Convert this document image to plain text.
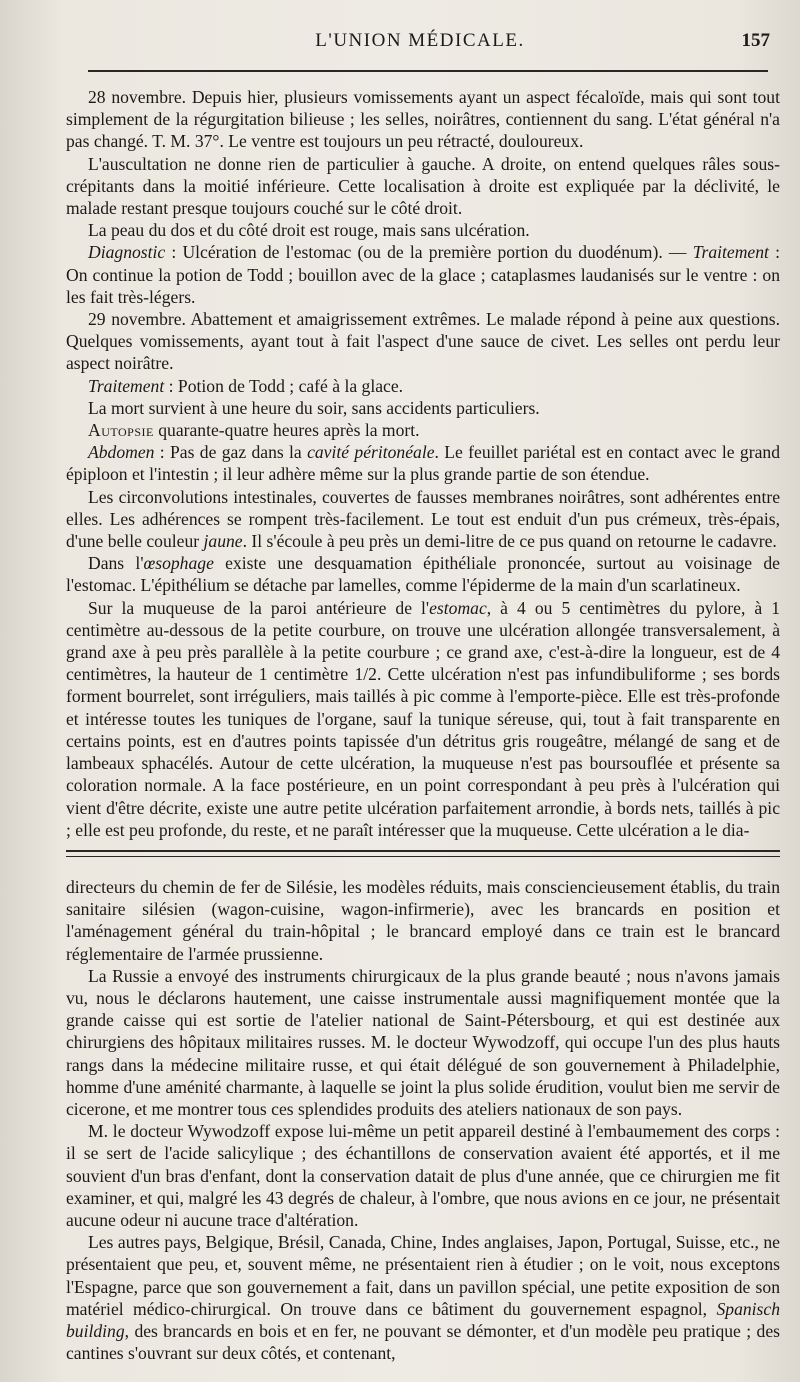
L'UNION MÉDICALE.	157

28 novembre. Depuis hier, plusieurs vomissements ayant un aspect fécaloïde, mais qui sont tout simplement de la régurgitation bilieuse ; les selles, noirâtres, contiennent du sang. L'état général n'a pas changé. T. M. 37°. Le ventre est toujours un peu rétracté, douloureux.

L'auscultation ne donne rien de particulier à gauche. A droite, on entend quelques râles sous-crépitants dans la moitié inférieure. Cette localisation à droite est expliquée par la déclivité, le malade restant presque toujours couché sur le côté droit.

La peau du dos et du côté droit est rouge, mais sans ulcération.

Diagnostic : Ulcération de l'estomac (ou de la première portion du duodénum). — Traitement : On continue la potion de Todd ; bouillon avec de la glace ; cataplasmes laudanisés sur le ventre : on les fait très-légers.

29 novembre. Abattement et amaigrissement extrêmes. Le malade répond à peine aux questions. Quelques vomissements, ayant tout à fait l'aspect d'une sauce de civet. Les selles ont perdu leur aspect noirâtre.

Traitement : Potion de Todd ; café à la glace.

La mort survient à une heure du soir, sans accidents particuliers.

Autopsie quarante-quatre heures après la mort.

Abdomen : Pas de gaz dans la cavité péritonéale. Le feuillet pariétal est en contact avec le grand épiploon et l'intestin ; il leur adhère même sur la plus grande partie de son étendue.

Les circonvolutions intestinales, couvertes de fausses membranes noirâtres, sont adhérentes entre elles. Les adhérences se rompent très-facilement. Le tout est enduit d'un pus crémeux, très-épais, d'une belle couleur jaune. Il s'écoule à peu près un demi-litre de ce pus quand on retourne le cadavre.

Dans l'œsophage existe une desquamation épithéliale prononcée, surtout au voisinage de l'estomac. L'épithélium se détache par lamelles, comme l'épiderme de la main d'un scarlatineux.

Sur la muqueuse de la paroi antérieure de l'estomac, à 4 ou 5 centimètres du pylore, à 1 centimètre au-dessous de la petite courbure, on trouve une ulcération allongée transversalement, à grand axe à peu près parallèle à la petite courbure ; ce grand axe, c'est-à-dire la longueur, est de 4 centimètres, la hauteur de 1 centimètre 1/2. Cette ulcération n'est pas infundibuliforme ; ses bords forment bourrelet, sont irréguliers, mais taillés à pic comme à l'emporte-pièce. Elle est très-profonde et intéresse toutes les tuniques de l'organe, sauf la tunique séreuse, qui, tout à fait transparente en certains points, est en d'autres points tapissée d'un détritus gris rougeâtre, mélangé de sang et de lambeaux sphacélés. Autour de cette ulcération, la muqueuse n'est pas boursouflée et présente sa coloration normale. A la face postérieure, en un point correspondant à peu près à l'ulcération qui vient d'être décrite, existe une autre petite ulcération parfaitement arrondie, à bords nets, taillés à pic ; elle est peu profonde, du reste, et ne paraît intéresser que la muqueuse. Cette ulcération a le dia-

directeurs du chemin de fer de Silésie, les modèles réduits, mais consciencieusement établis, du train sanitaire silésien (wagon-cuisine, wagon-infirmerie), avec les brancards en position et l'aménagement général du train-hôpital ; le brancard employé dans ce train est le brancard réglementaire de l'armée prussienne.

La Russie a envoyé des instruments chirurgicaux de la plus grande beauté ; nous n'avons jamais vu, nous le déclarons hautement, une caisse instrumentale aussi magnifiquement montée que la grande caisse qui est sortie de l'atelier national de Saint-Pétersbourg, et qui est destinée aux chirurgiens des hôpitaux militaires russes. M. le docteur Wywodzoff, qui occupe l'un des plus hauts rangs dans la médecine militaire russe, et qui était délégué de son gouvernement à Philadelphie, homme d'une aménité charmante, à laquelle se joint la plus solide érudition, voulut bien me servir de cicerone, et me montrer tous ces splendides produits des ateliers nationaux de son pays.

M. le docteur Wywodzoff expose lui-même un petit appareil destiné à l'embaumement des corps : il se sert de l'acide salicylique ; des échantillons de conservation avaient été apportés, et il me souvient d'un bras d'enfant, dont la conservation datait de plus d'une année, que ce chirurgien me fit examiner, et qui, malgré les 43 degrés de chaleur, à l'ombre, que nous avions en ce jour, ne présentait aucune odeur ni aucune trace d'altération.

Les autres pays, Belgique, Brésil, Canada, Chine, Indes anglaises, Japon, Portugal, Suisse, etc., ne présentaient que peu, et, souvent même, ne présentaient rien à étudier ; on le voit, nous exceptons l'Espagne, parce que son gouvernement a fait, dans un pavillon spécial, une petite exposition de son matériel médico-chirurgical. On trouve dans ce bâtiment du gouvernement espagnol, Spanisch building, des brancards en bois et en fer, ne pouvant se démonter, et d'un modèle peu pratique ; des cantines s'ouvrant sur deux côtés, et contenant,
